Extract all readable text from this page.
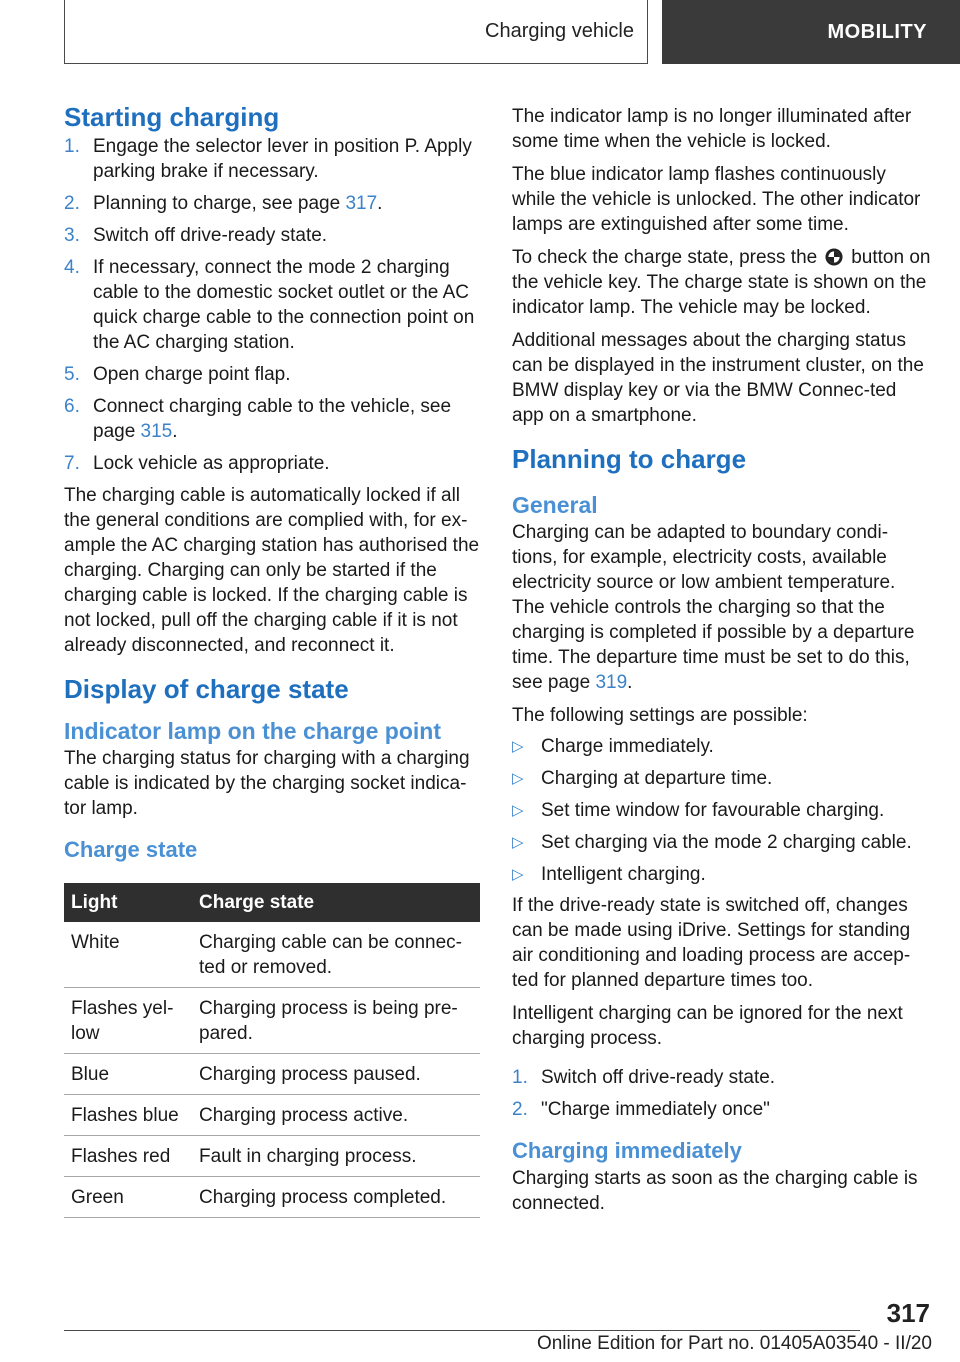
Charging vehicle	MOBILITY
Starting charging
1. Engage the selector lever in position P. Apply parking brake if necessary.
2. Planning to charge, see page 317.
3. Switch off drive-ready state.
4. If necessary, connect the mode 2 charging cable to the domestic socket outlet or the AC quick charge cable to the connection point on the AC charging station.
5. Open charge point flap.
6. Connect charging cable to the vehicle, see page 315.
7. Lock vehicle as appropriate.

The charging cable is automatically locked if all the general conditions are complied with, for ex‐ample the AC charging station has authorised the charging. Charging can only be started if the charging cable is locked. If the charging cable is not locked, pull off the charging cable if it is not already disconnected, and reconnect it.

Display of charge state
Indicator lamp on the charge point

The charging status for charging with a charging cable is indicated by the charging socket indica‐tor lamp.

Charge state
Light	Charge state
White	Charging cable can be connec‐ted or removed.
Flashes yel‐low	Charging process is being pre‐pared.
Blue	Charging process paused.
Flashes blue	Charging process active.
Flashes red	Fault in charging process.
Green	Charging process completed.

The indicator lamp is no longer illuminated after some time when the vehicle is locked.

The blue indicator lamp flashes continuously while the vehicle is unlocked. The other indicator lamps are extinguished after some time.

To check the charge state, press the button on the vehicle key. The charge state is shown on the indicator lamp. The vehicle may be locked.

Additional messages about the charging status can be displayed in the instrument cluster, on the BMW display key or via the BMW Connec‐ted app on a smartphone.

Planning to charge
General

Charging can be adapted to boundary condi‐tions, for example, electricity costs, available electricity source or low ambient temperature. The vehicle controls the charging so that the charging is completed if possible by a departure time. The departure time must be set to do this, see page 319.

The following settings are possible:

▷ Charge immediately.
▷ Charging at departure time.
▷ Set time window for favourable charging.
▷ Set charging via the mode 2 charging cable.
▷ Intelligent charging.

If the drive-ready state is switched off, changes can be made using iDrive. Settings for standing air conditioning and loading process are accep‐ted for planned departure times too.

Intelligent charging can be ignored for the next charging process.

1. Switch off drive-ready state.
2. "Charge immediately once"
Charging immediately

Charging starts as soon as the charging cable is connected.

317
Online Edition for Part no. 01405A03540 - II/20
